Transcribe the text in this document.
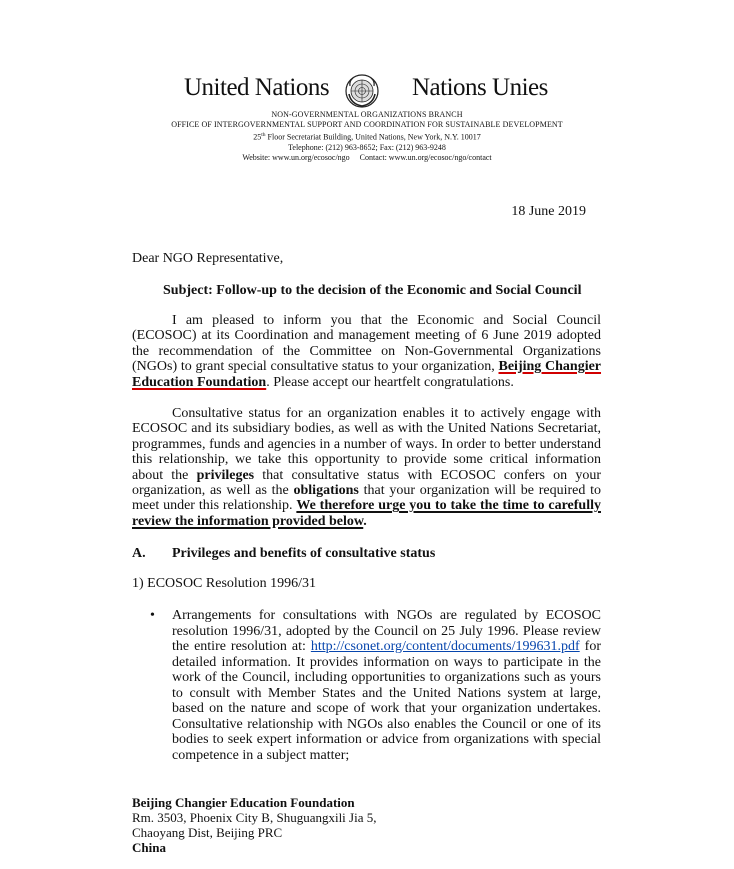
United Nations	Nations Unies
NON-GOVERNMENTAL ORGANIZATIONS BRANCH
OFFICE OF INTERGOVERNMENTAL SUPPORT AND COORDINATION FOR SUSTAINABLE DEVELOPMENT
25th Floor Secretariat Building, United Nations, New York, N.Y. 10017
Telephone: (212) 963-8652; Fax: (212) 963-9248
Website: www.un.org/ecosoc/ngo     Contact: www.un.org/ecosoc/ngo/contact
18 June 2019
Dear NGO Representative,
Subject: Follow-up to the decision of the Economic and Social Council
I am pleased to inform you that the Economic and Social Council (ECOSOC) at its Coordination and management meeting of 6 June 2019 adopted the recommendation of the Committee on Non-Governmental Organizations (NGOs) to grant special consultative status to your organization, Beijing Changier Education Foundation. Please accept our heartfelt congratulations.
Consultative status for an organization enables it to actively engage with ECOSOC and its subsidiary bodies, as well as with the United Nations Secretariat, programmes, funds and agencies in a number of ways. In order to better understand this relationship, we take this opportunity to provide some critical information about the privileges that consultative status with ECOSOC confers on your organization, as well as the obligations that your organization will be required to meet under this relationship. We therefore urge you to take the time to carefully review the information provided below.
A. Privileges and benefits of consultative status
1) ECOSOC Resolution 1996/31
• Arrangements for consultations with NGOs are regulated by ECOSOC resolution 1996/31, adopted by the Council on 25 July 1996. Please review the entire resolution at: http://csonet.org/content/documents/199631.pdf for detailed information. It provides information on ways to participate in the work of the Council, including opportunities to organizations such as yours to consult with Member States and the United Nations system at large, based on the nature and scope of work that your organization undertakes. Consultative relationship with NGOs also enables the Council or one of its bodies to seek expert information or advice from organizations with special competence in a subject matter;
Beijing Changier Education Foundation
Rm. 3503, Phoenix City B, Shuguangxili Jia 5,
Chaoyang Dist, Beijing PRC
China
